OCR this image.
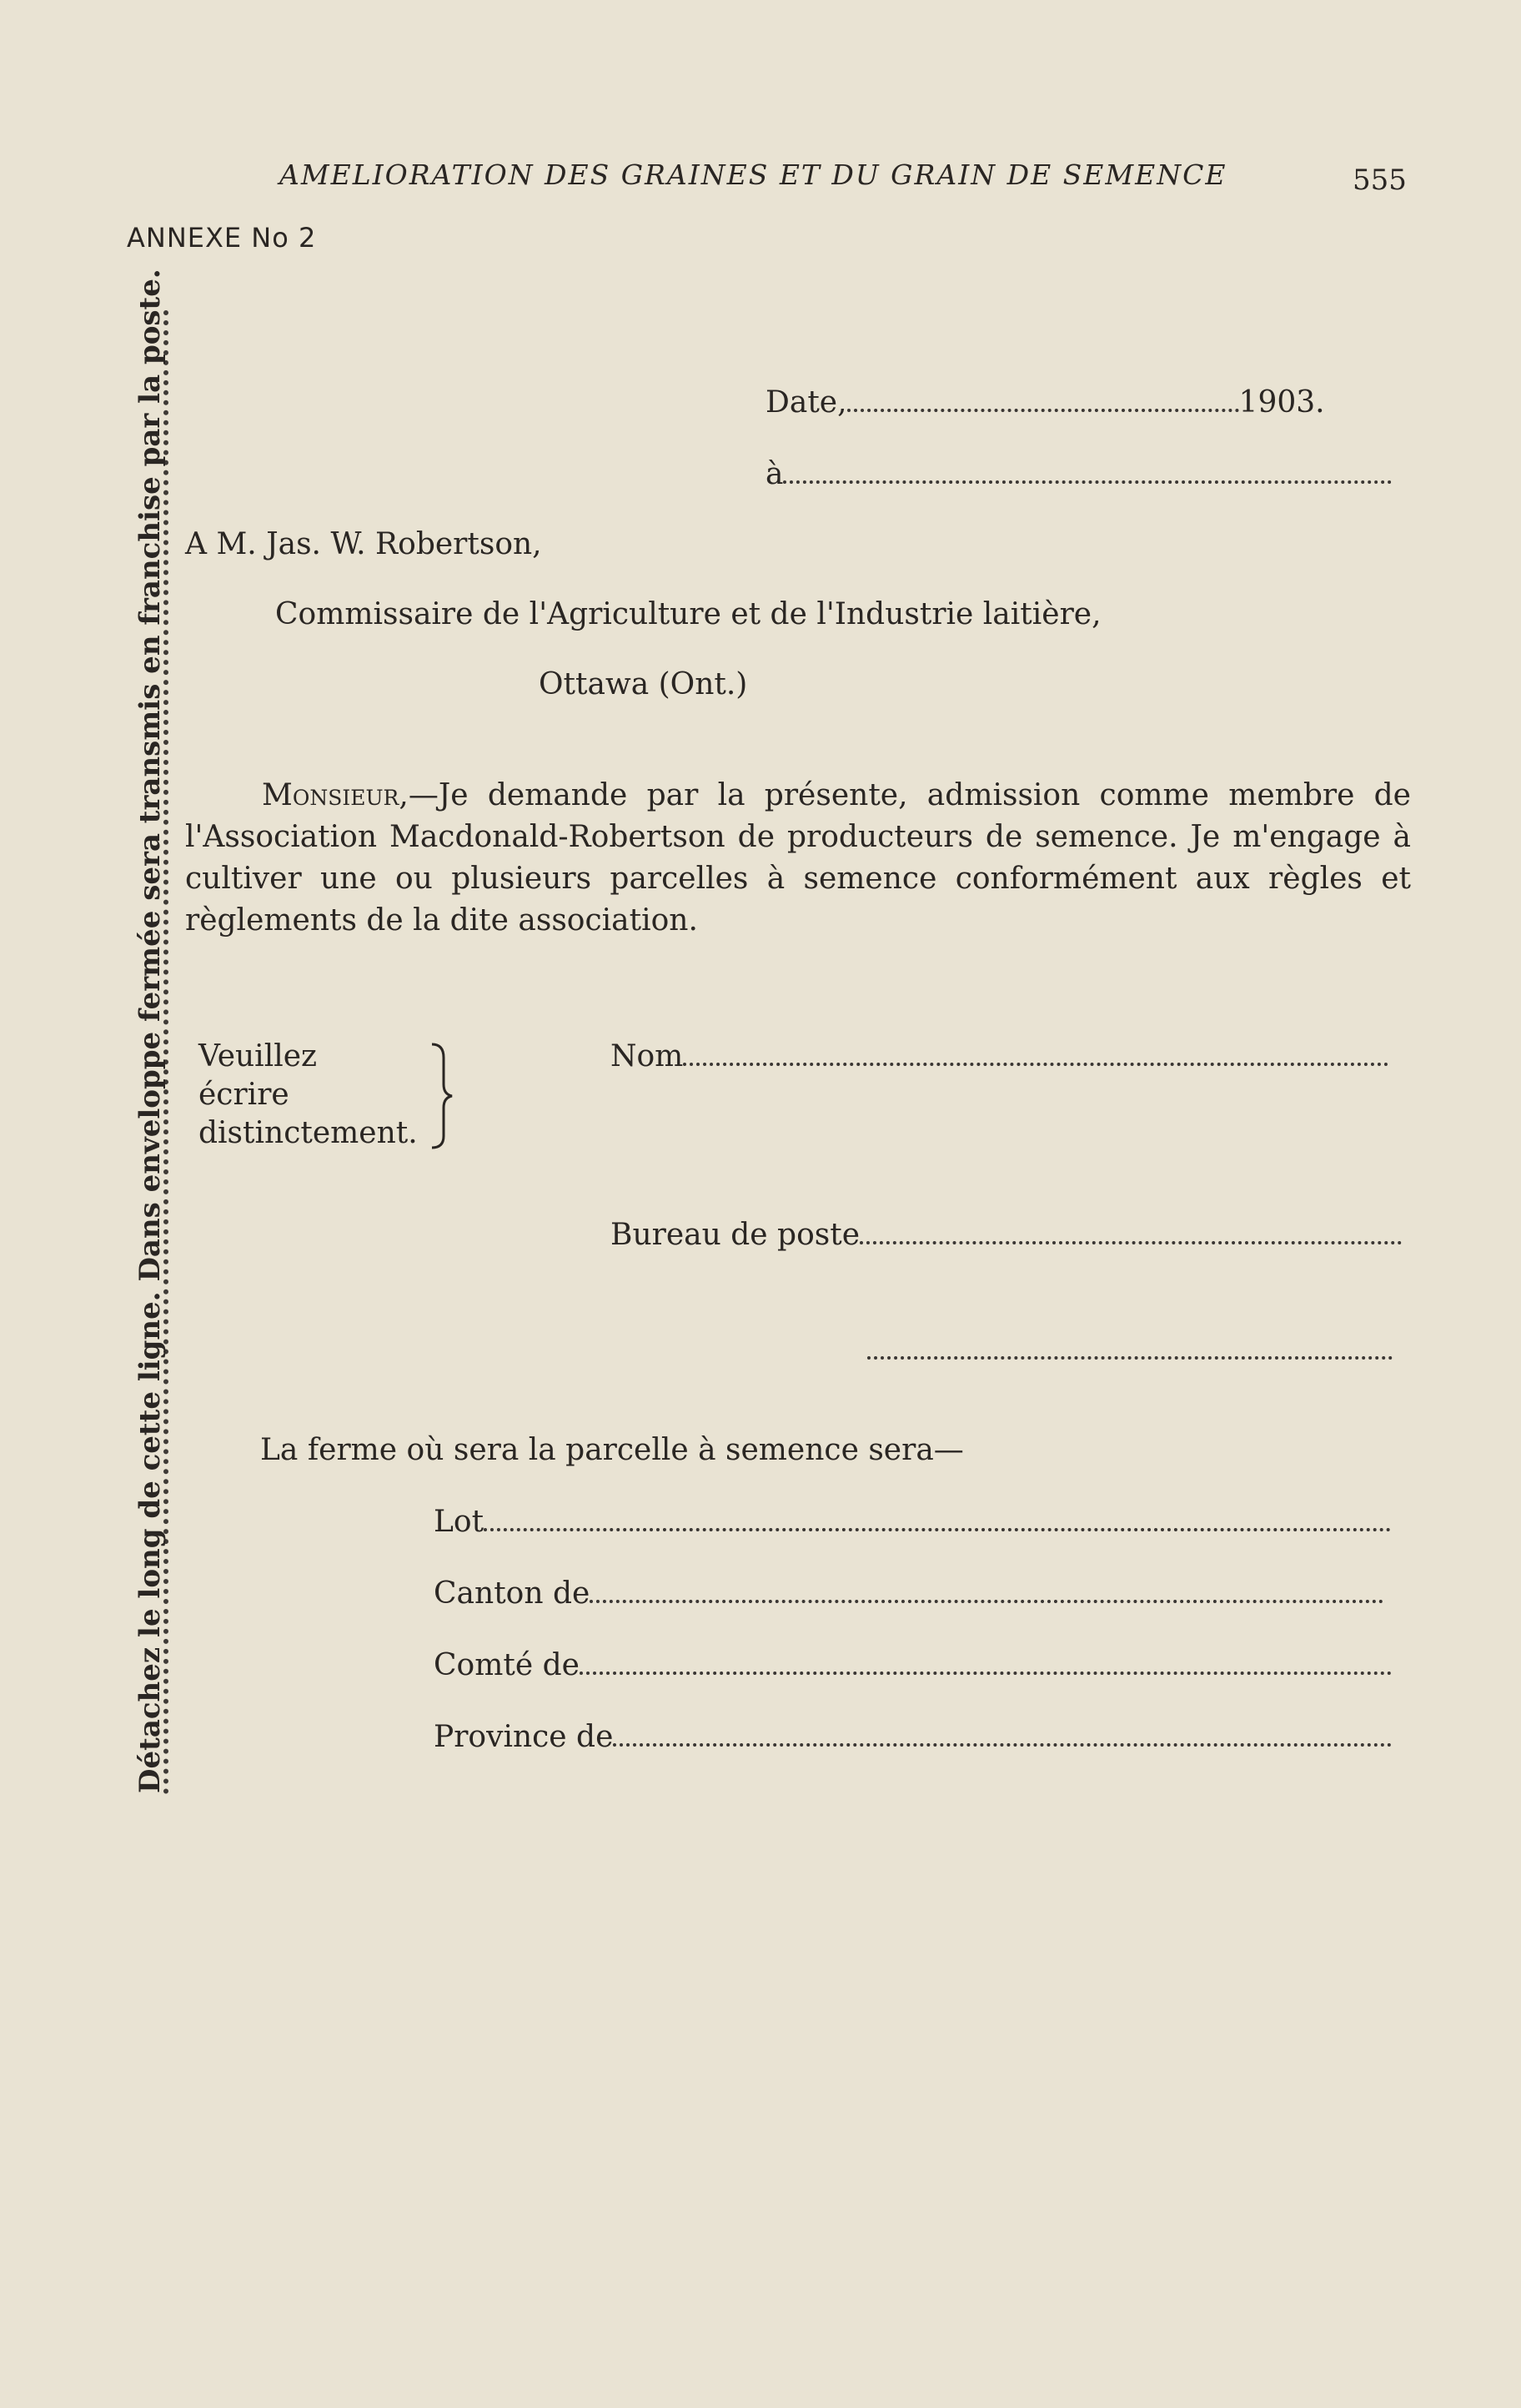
AMELIORATION DES GRAINES ET DU GRAIN DE SEMENCE	555
ANNEXE No 2
Détachez le long de cette ligne. Dans enveloppe fermée sera transmis en franchise par la poste.	Date,	1903.
à
A M. Jas. W. Robertson,
Commissaire de l'Agriculture et de l'Industrie laitière,
Ottawa (Ont.)
Monsieur,—Je demande par la présente, admission comme membre de l'Association Macdonald-Robertson de producteurs de semence. Je m'engage à cultiver une ou plusieurs parcelles à semence conformément aux règles et règlements de la dite association.
Veuillez
écrire
distinctement.
Nom
Bureau de poste
La ferme où sera la parcelle à semence sera—
Lot
Canton de
Comté de
Province de
